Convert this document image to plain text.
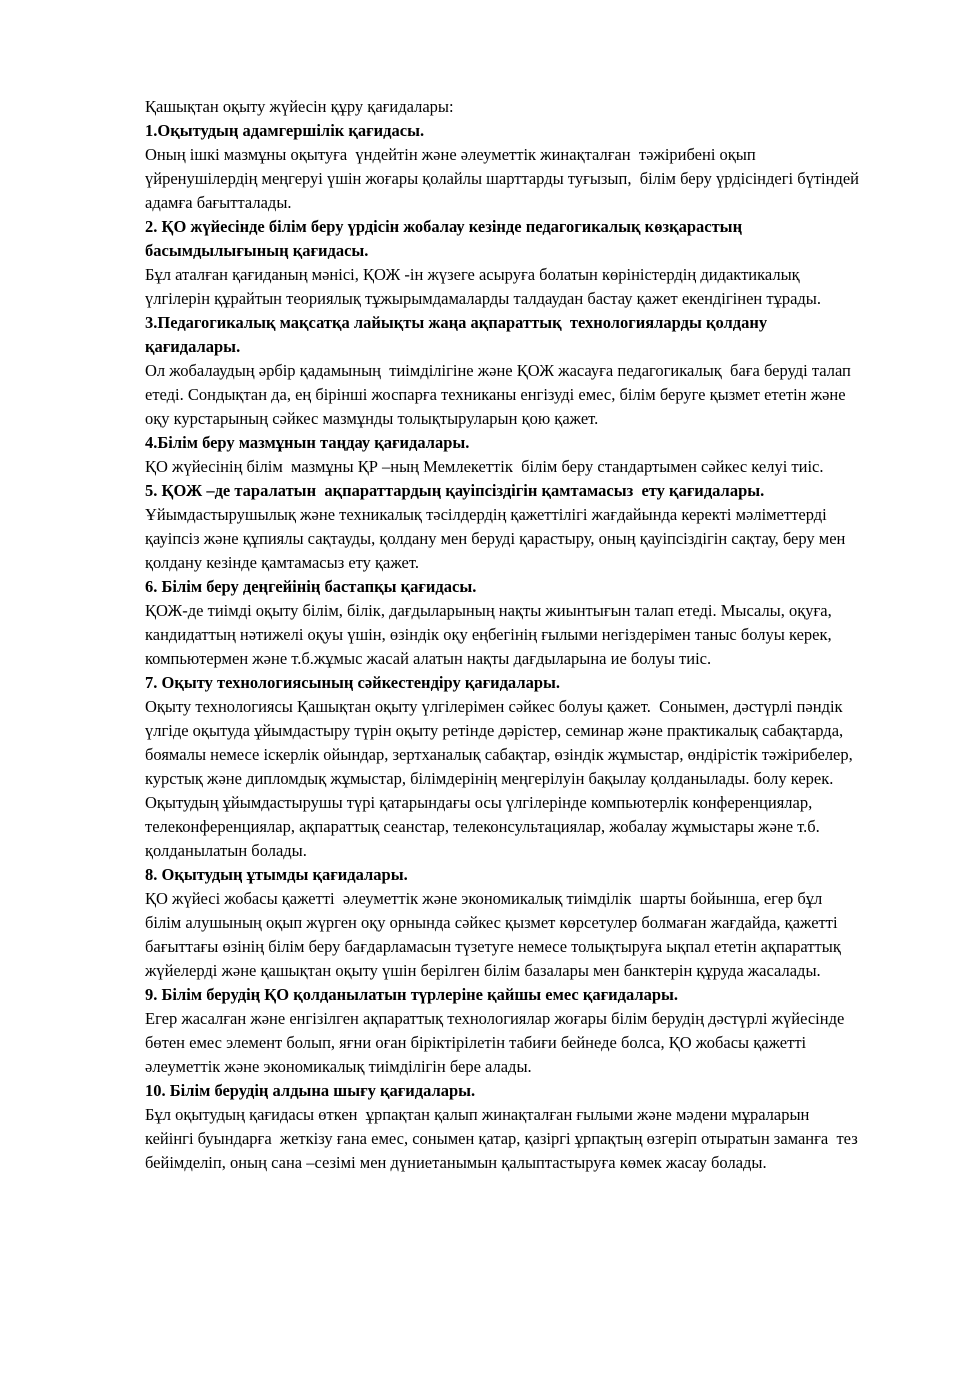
Қашықтан оқыту жүйесін құру қағидалары:

1.Оқытудың адамгершілік қағидасы.

Оның ішкі мазмұны оқытуға  үндейтін және әлеуметтік жинақталған  тәжірибені оқып үйренушілердің меңгеруі үшін жоғары қолайлы шарттарды туғызып,  білім беру үрдісіндегі бүтіндей адамға бағытталады.

2. ҚО жүйесінде білім беру үрдісін жобалау кезінде педагогикалық көзқарастың басымдылығының қағидасы.

Бұл аталған қағиданың мәнісі, ҚОЖ -ін жүзеге асыруға болатын көріністердің дидактикалық үлгілерін құрайтын теориялық тұжырымдамаларды талдаудан бастау қажет екендігінен тұрады.

3.Педагогикалық мақсатқа лайықты жаңа ақпараттық  технологияларды қолдану қағидалары.

Ол жобалаудың әрбір қадамының  тиімділігіне және ҚОЖ жасауға педагогикалық  баға беруді талап етеді. Сондықтан да, ең бірінші жоспарға техниканы енгізуді емес, білім беруге қызмет ететін және оқу курстарының сәйкес мазмұнды толықтыруларын қою қажет.

4.Білім беру мазмұнын таңдау қағидалары.

ҚО жүйесінің білім  мазмұны ҚР –ның Мемлекеттік  білім беру стандартымен сәйкес келуі тиіс.

5. ҚОЖ –де таралатын  ақпараттардың қауіпсіздігін қамтамасыз  ету қағидалары.

Ұйымдастырушылық және техникалық тәсілдердің қажеттілігі жағдайында керекті мәліметтерді қауіпсіз және құпиялы сақтауды, қолдану мен беруді қарастыру, оның қауіпсіздігін сақтау, беру мен қолдану кезінде қамтамасыз ету қажет.

6. Білім беру деңгейінің бастапқы қағидасы.

ҚОЖ-де тиімді оқыту білім, білік, дағдыларының нақты жиынтығын талап етеді. Мысалы, оқуға, кандидаттың нәтижелі оқуы үшін, өзіндік оқу еңбегінің ғылыми негіздерімен таныс болуы керек, компьютермен және т.б.жұмыс жасай алатын нақты дағдыларына ие болуы тиіс.

7. Оқыту технологиясының сәйкестендіру қағидалары.

Оқыту технологиясы Қашықтан оқыту үлгілерімен сәйкес болуы қажет.  Сонымен, дәстүрлі пәндік үлгіде оқытуда ұйымдастыру түрін оқыту ретінде дәрістер, семинар және практикалық сабақтарда, боямалы немесе іскерлік ойындар, зертханалық сабақтар, өзіндік жұмыстар, өндірістік тәжірибелер,  курстық және дипломдық жұмыстар, білімдерінің меңгерілуін бақылау қолданылады. болу керек. Оқытудың ұйымдастырушы түрі қатарындағы осы үлгілерінде компьютерлік конференциялар, телеконференциялар, ақпараттық сеанстар, телеконсультациялар, жобалау жұмыстары және т.б. қолданылатын болады.

8. Оқытудың ұтымды қағидалары.

ҚО жүйесі жобасы қажетті  әлеуметтік және экономикалық тиімділік  шарты бойынша, егер бұл білім алушының оқып жүрген оқу орнында сәйкес қызмет көрсетулер болмаған жағдайда, қажетті бағыттағы өзінің білім беру бағдарламасын түзетуге немесе толықтыруға ықпал ететін ақпараттық жүйелерді және қашықтан оқыту үшін берілген білім базалары мен банктерін құруда жасалады.

9. Білім берудің ҚО қолданылатын түрлеріне қайшы емес қағидалары.

Егер жасалған және енгізілген ақпараттық технологиялар жоғары білім берудің дәстүрлі жүйесінде бөтен емес элемент болып, яғни оған біріктірілетін табиғи бейнеде болса, ҚО жобасы қажетті әлеуметтік және экономикалық тиімділігін бере алады.

10. Білім берудің алдына шығу қағидалары.

Бұл оқытудың қағидасы өткен  ұрпақтан қалып жинақталған ғылыми және мәдени мұраларын кейінгі буындарға  жеткізу ғана емес, сонымен қатар, қазіргі ұрпақтың өзгеріп отыратын заманға  тез бейімделіп, оның сана –сезімі мен дүниетанымын қалыптастыруға көмек жасау болады.
